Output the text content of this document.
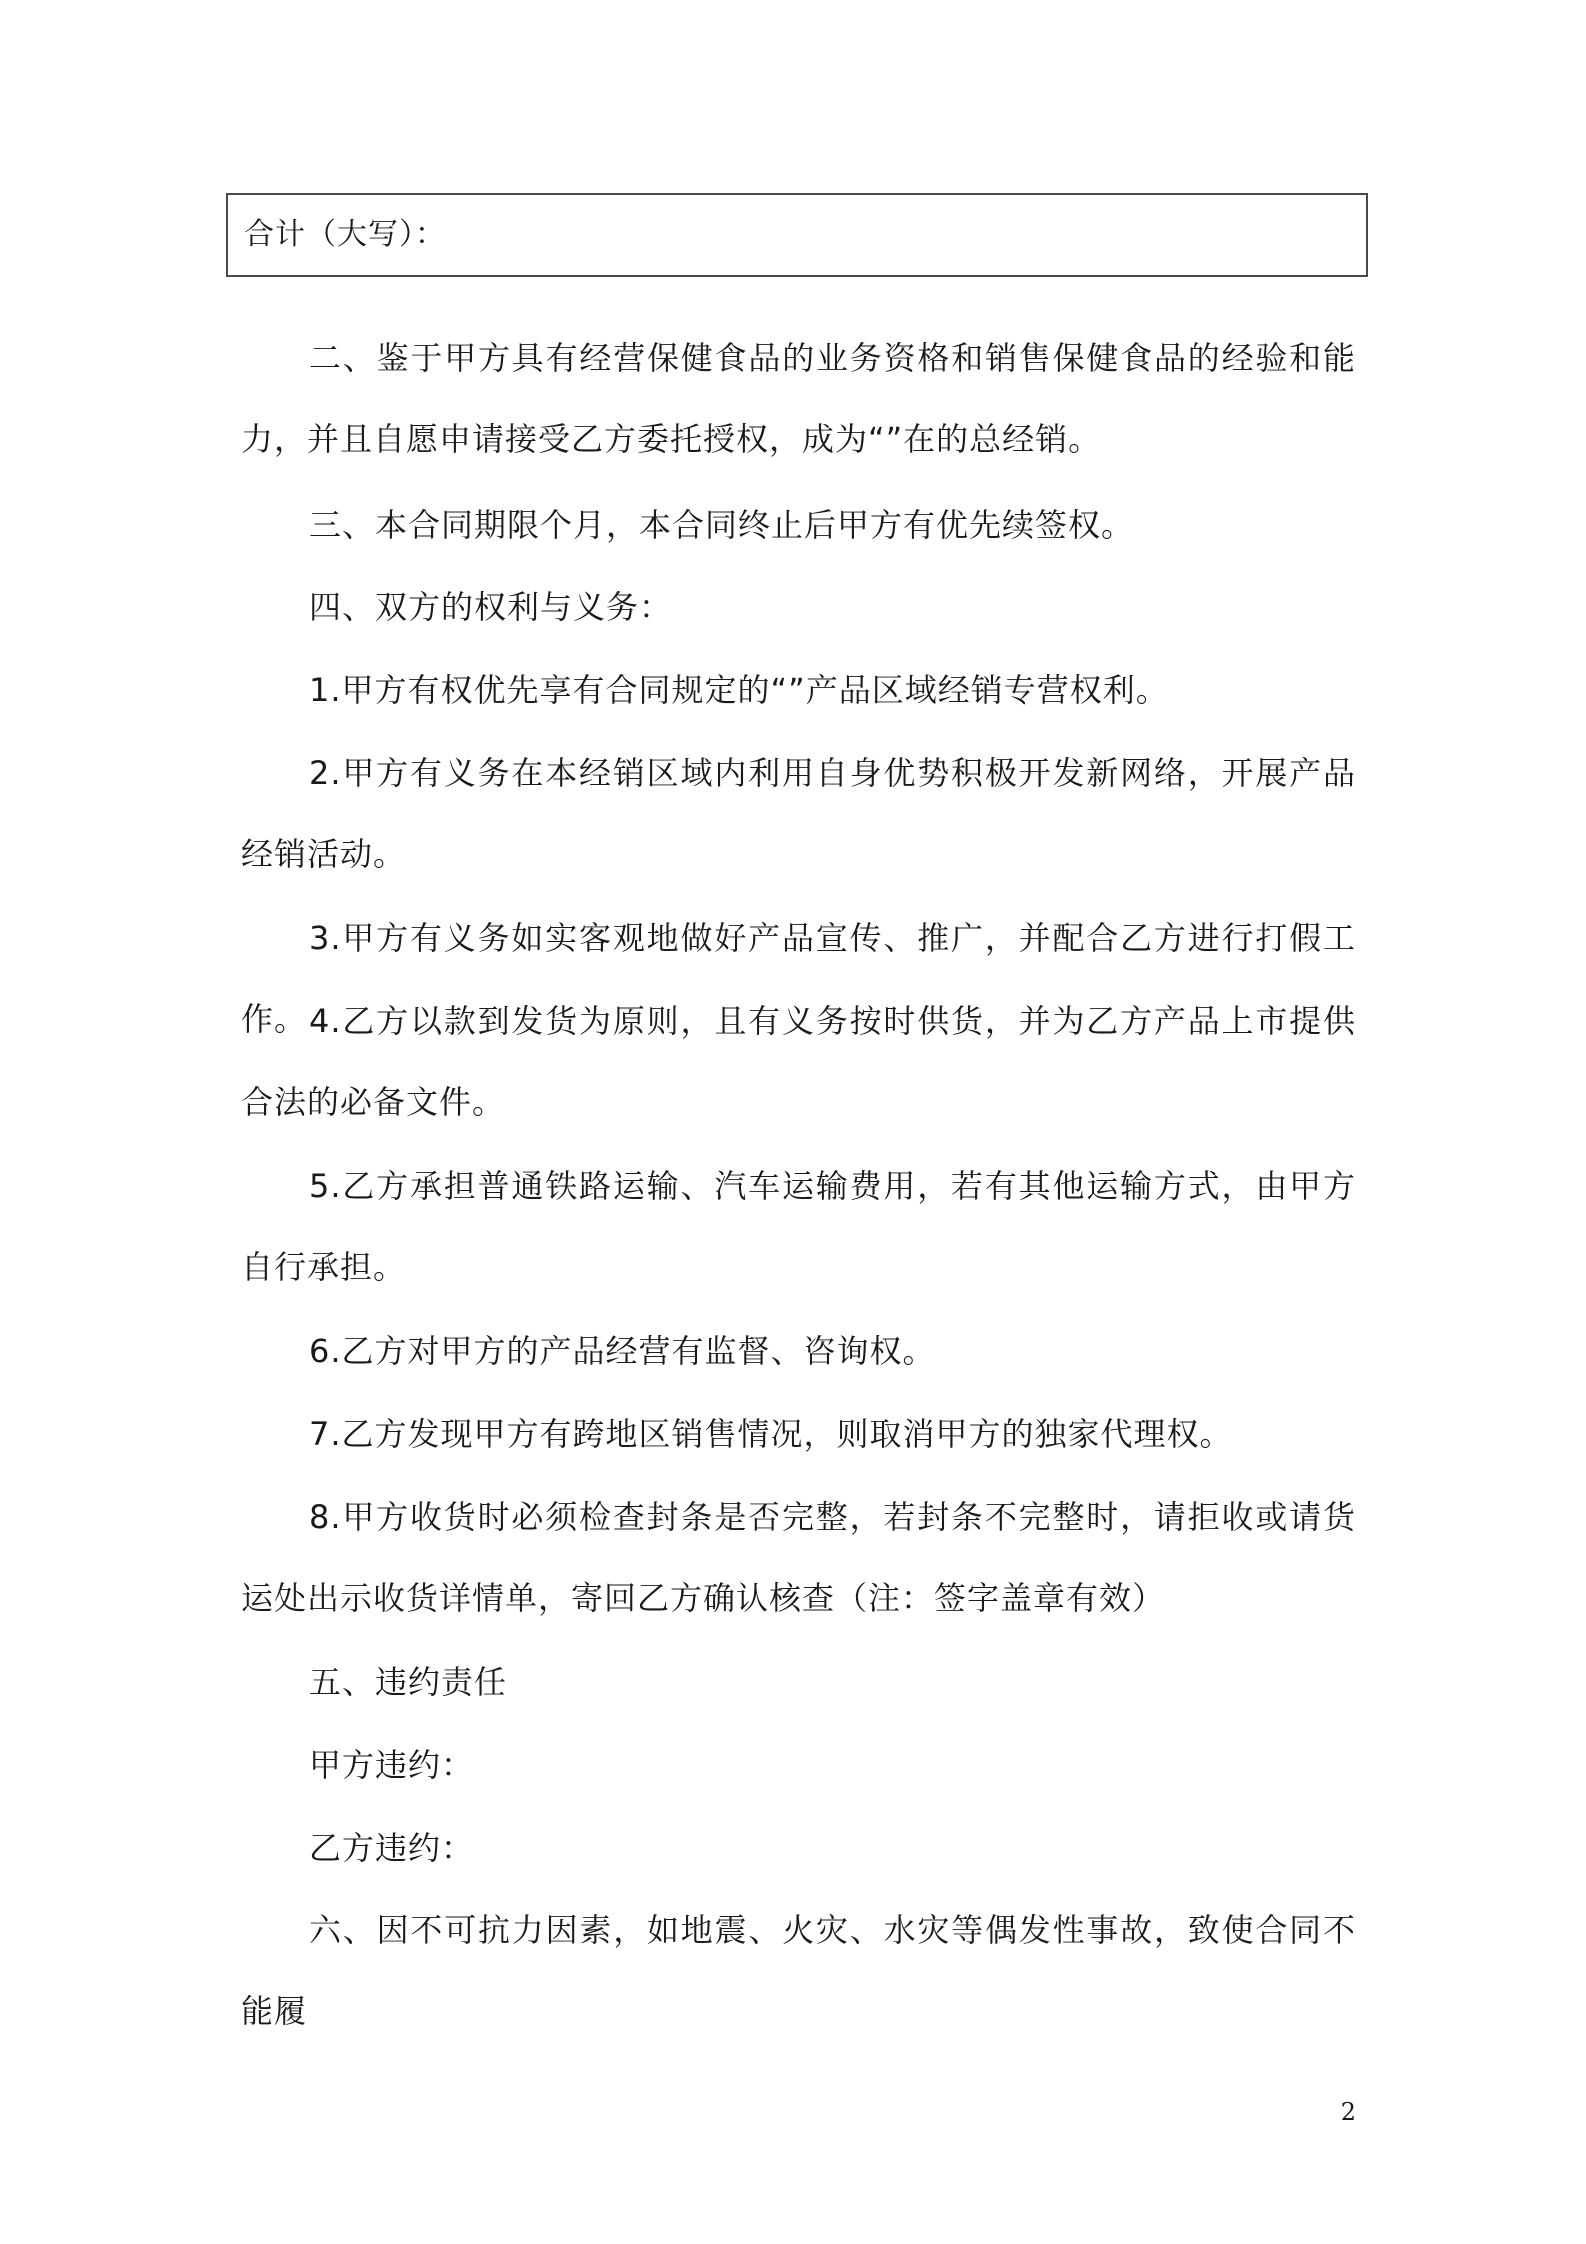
合计（大写）：

二、鉴于甲方具有经营保健食品的业务资格和销售保健食品的经验和能力，并且自愿申请接受乙方委托授权，成为“”在的总经销。

三、本合同期限个月，本合同终止后甲方有优先续签权。

四、双方的权利与义务：

1.甲方有权优先享有合同规定的“”产品区域经销专营权利。

2.甲方有义务在本经销区域内利用自身优势积极开发新网络，开展产品经销活动。

3.甲方有义务如实客观地做好产品宣传、推广，并配合乙方进行打假工作。 4.乙方以款到发货为原则，且有义务按时供货，并为乙方产品上市提供合法的必备文件。

5.乙方承担普通铁路运输、汽车运输费用，若有其他运输方式，由甲方自行承担。

6.乙方对甲方的产品经营有监督、咨询权。

7.乙方发现甲方有跨地区销售情况，则取消甲方的独家代理权。

8.甲方收货时必须检查封条是否完整，若封条不完整时，请拒收或请货运处出示收货详情单，寄回乙方确认核查（注：签字盖章有效）

五、违约责任

甲方违约：

乙方违约：

六、因不可抗力因素，如地震、火灾、水灾等偶发性事故，致使合同不能履

2
